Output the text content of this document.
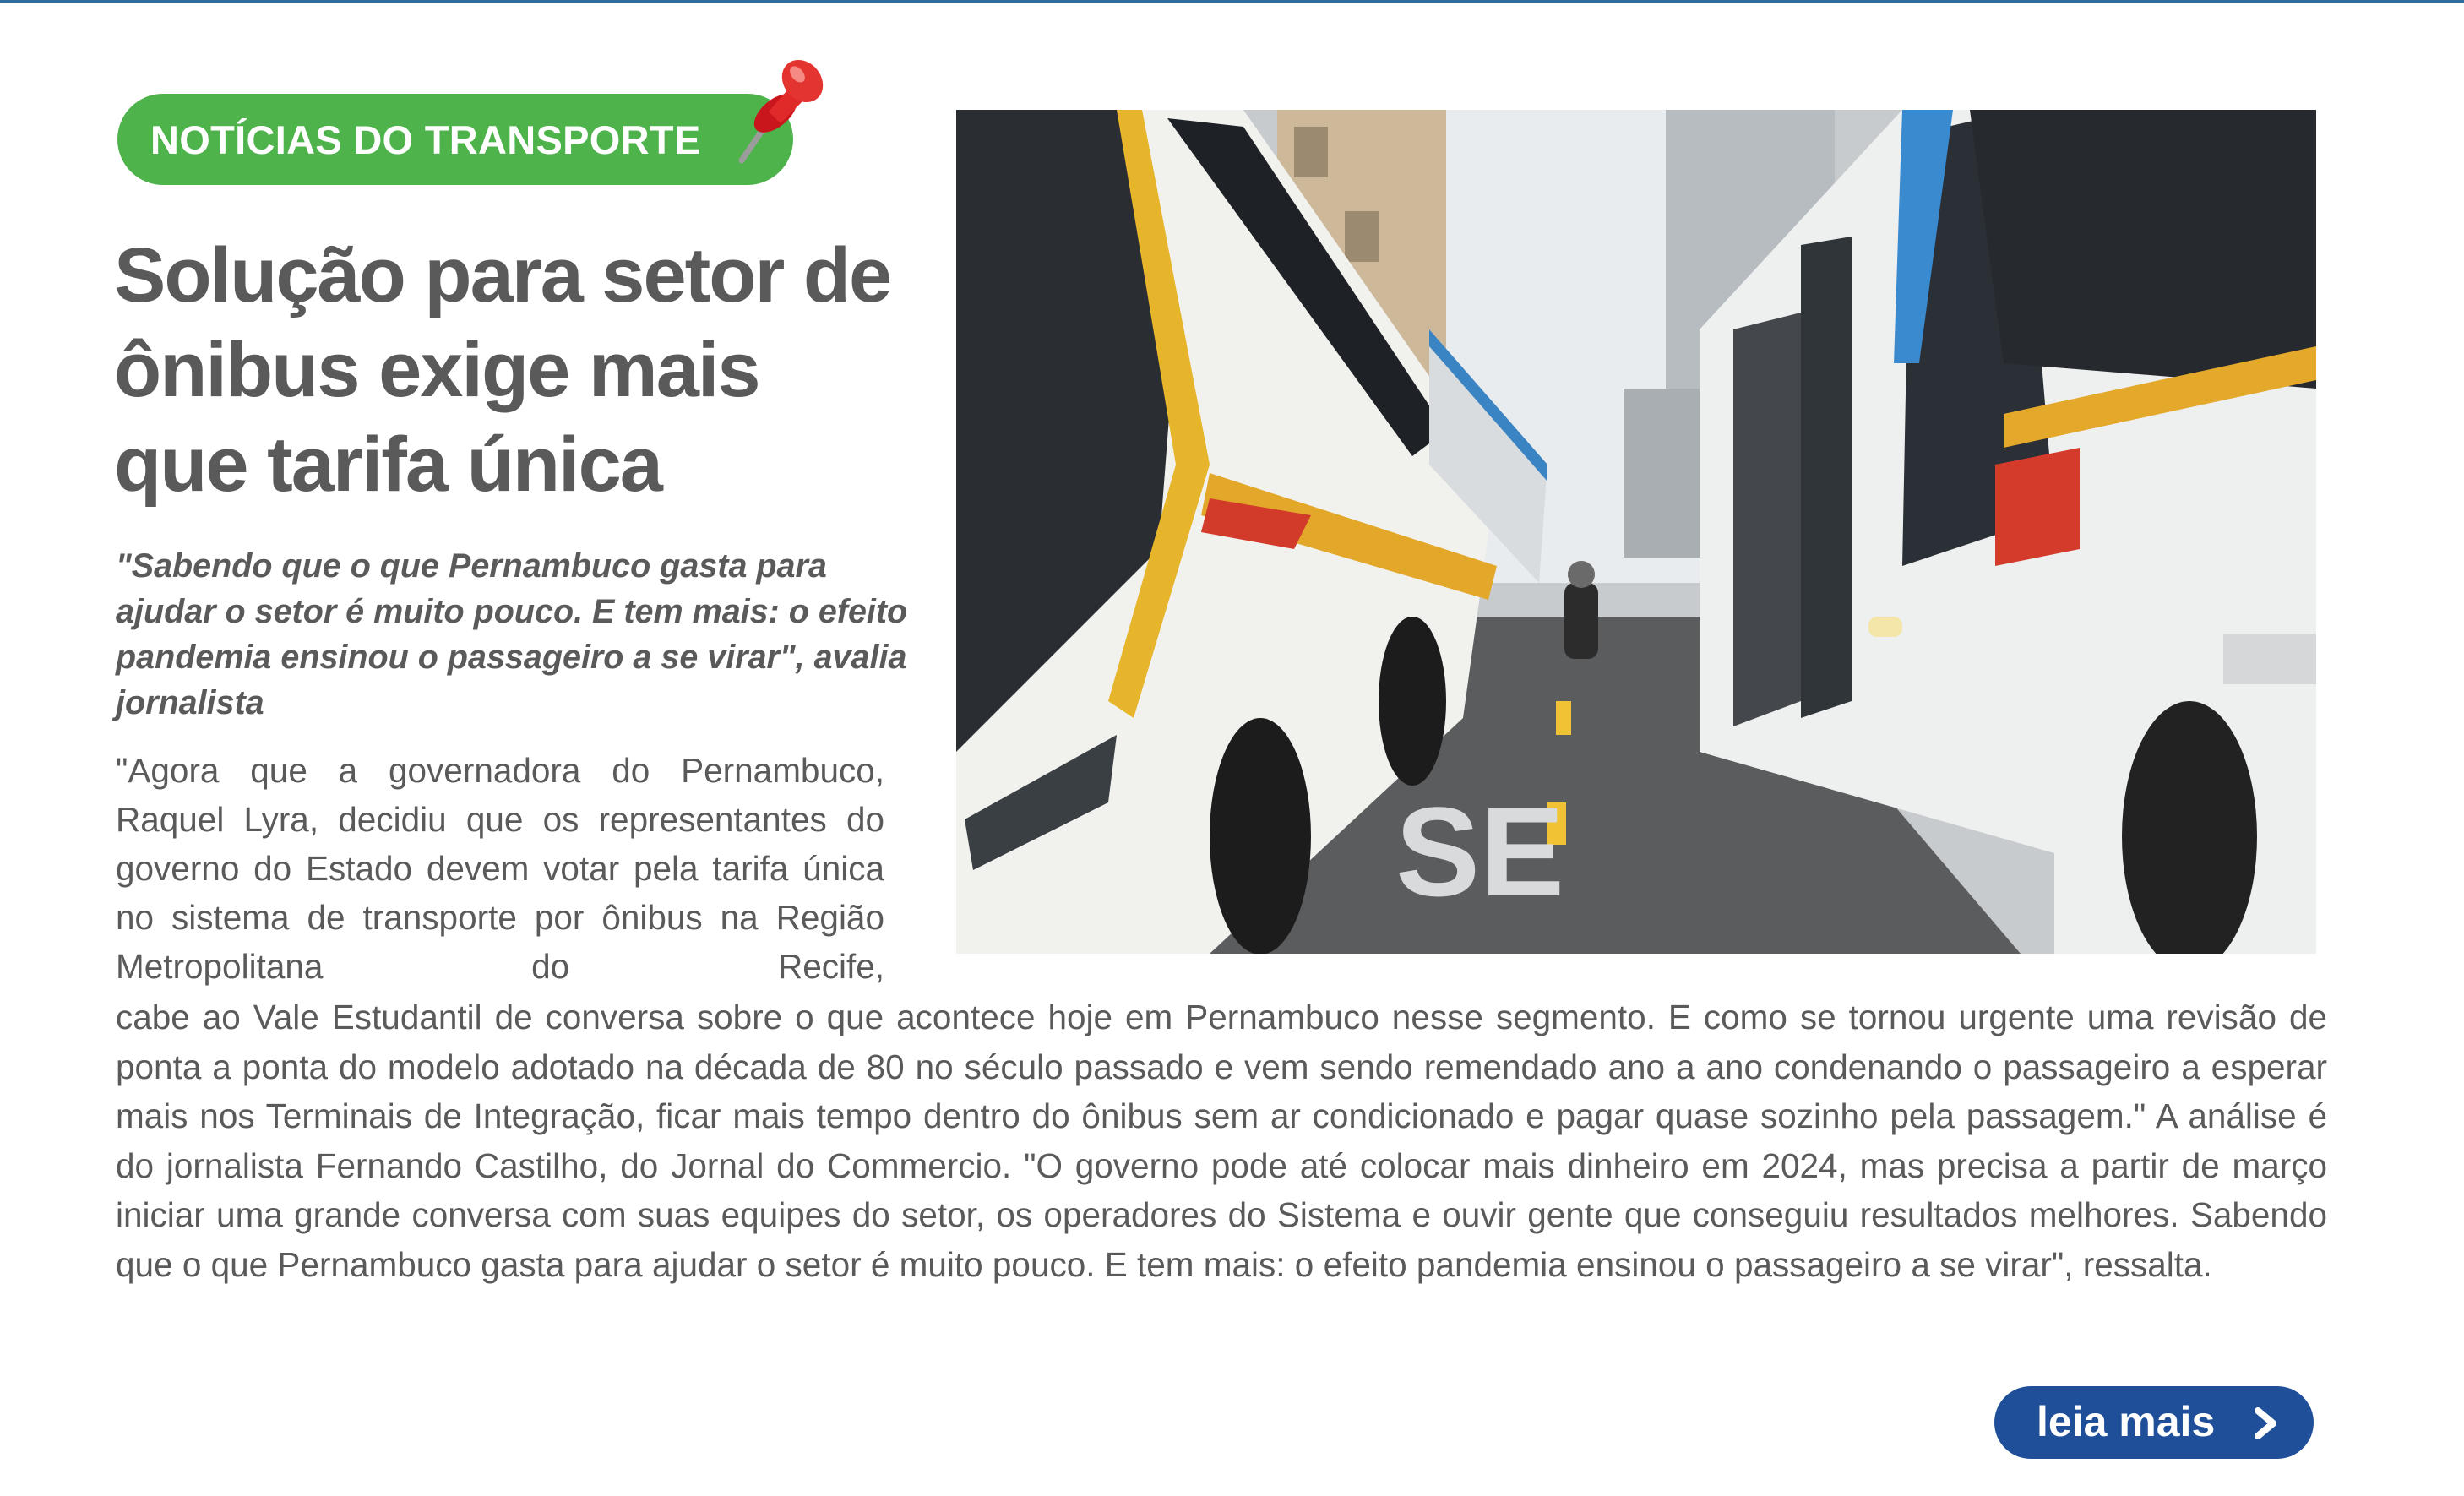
NOTÍCIAS DO TRANSPORTE
Solução para setor de ônibus exige mais que tarifa única

"Sabendo que o que Pernambuco gasta para ajudar o setor é muito pouco. E tem mais: o efeito pandemia ensinou o passageiro a se virar", avalia jornalista

SE

"Agora que a governadora do Pernambuco, Raquel Lyra, decidiu que os representantes do governo do Estado devem votar pela tarifa única no sistema de transporte por ônibus na Região Metropolitana do Recife,

cabe ao Vale Estudantil de conversa sobre o que acontece hoje em Pernambuco nesse segmento. E como se tornou urgente uma revisão de ponta a ponta do modelo adotado na década de 80 no século passado e vem sendo remendado ano a ano condenando o passageiro a esperar mais nos Terminais de Integração, ficar mais tempo dentro do ônibus sem ar condicionado e pagar quase sozinho pela passagem." A análise é do jornalista Fernando Castilho, do Jornal do Commercio. "O governo pode até colocar mais dinheiro em 2024, mas precisa a partir de março iniciar uma grande conversa com suas equipes do setor, os operadores do Sistema e ouvir gente que conseguiu resultados melhores. Sabendo que o que Pernambuco gasta para ajudar o setor é muito pouco. E tem mais: o efeito pandemia ensinou o passageiro a se virar", ressalta.

leia mais
